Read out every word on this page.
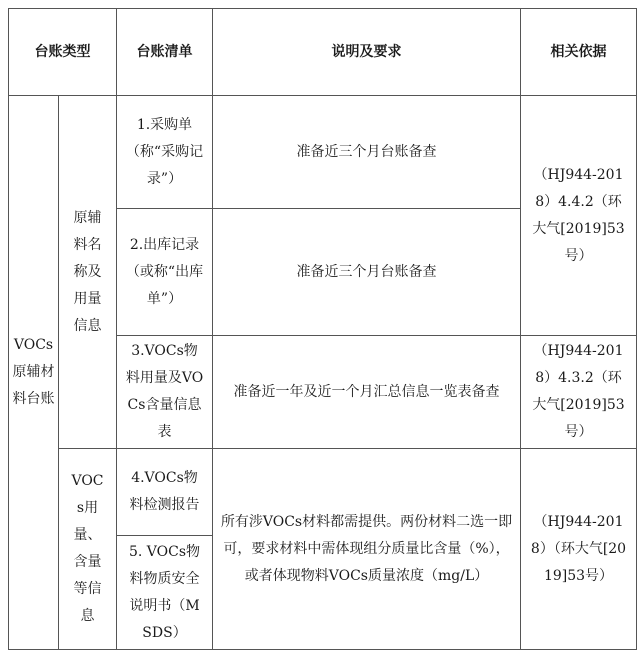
台账类型		台账清单	说明及要求	相关依据
VOCs原辅材料台账	原辅料名称及用量信息	1.采购单（称“采购记录”）	准备近三个月台账备查	（HJ944-2018）4.4.2（环大气[2019]53号）
		2.出库记录（或称“出库单”）	准备近三个月台账备查	
		3.VOCs物料用量及VOCs含量信息表	准备近一年及近一个月汇总信息一览表备查	（HJ944-2018）4.3.2（环大气[2019]53号）
	VOCs用量、含量等信息	4.VOCs物料检测报告	所有涉VOCs材料都需提供。两份材料二选一即可，要求材料中需体现组分质量比含量（%），或者体现物料VOCs质量浓度（mg/L）	（HJ944-2018）（环大气[2019]53号）
		5. VOCs物料物质安全说明书（MSDS）		
